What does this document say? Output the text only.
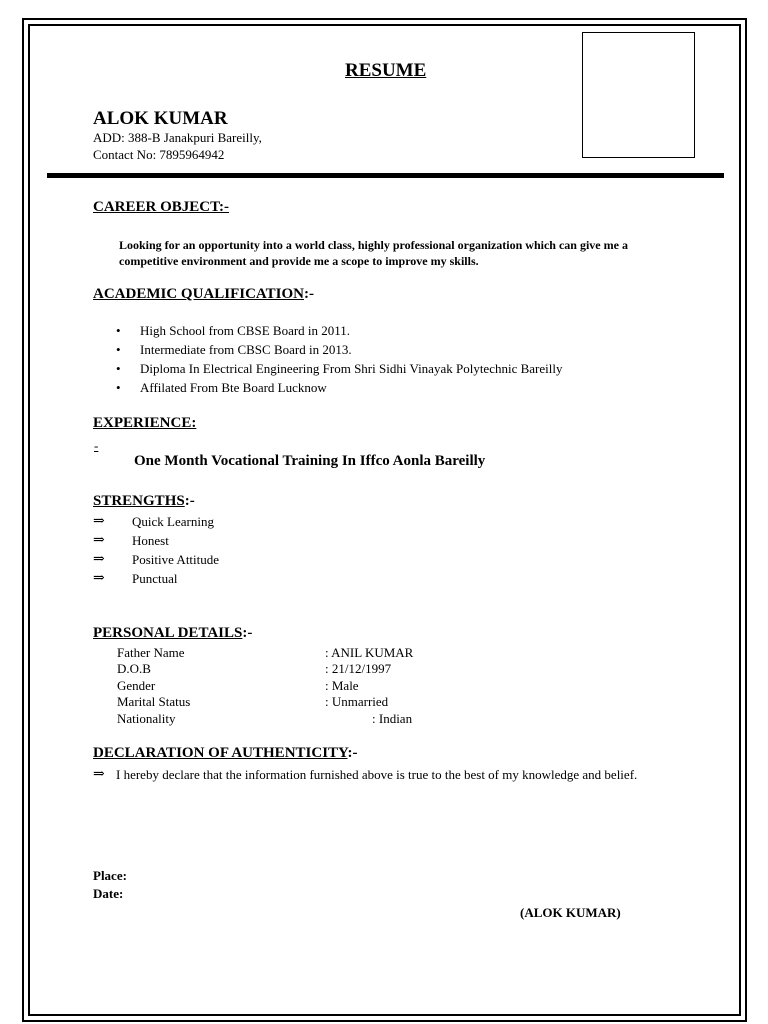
RESUME
ALOK KUMAR
ADD: 388-B Janakpuri Bareilly,
Contact No: 7895964942
CAREER OBJECT:-
Looking for an opportunity into a world class, highly professional organization which can give me a competitive environment and provide me a scope to improve my skills.
ACADEMIC QUALIFICATION:-
• High School from CBSE Board in 2011.
• Intermediate from CBSC Board in 2013.
• Diploma In Electrical Engineering From Shri Sidhi Vinayak Polytechnic Bareilly
• Affilated From Bte Board Lucknow
EXPERIENCE:
-
One Month Vocational Training In Iffco Aonla Bareilly
STRENGTHS:-
⇒ Quick Learning
⇒ Honest
⇒ Positive Attitude
⇒ Punctual
PERSONAL DETAILS:-
Father Name	: ANIL KUMAR
D.O.B	: 21/12/1997
Gender	: Male
Marital Status	: Unmarried
Nationality	: Indian
DECLARATION OF AUTHENTICITY:-
⇒ I hereby declare that the information furnished above is true to the best of my knowledge and belief.
Place:
Date:
(ALOK KUMAR)
